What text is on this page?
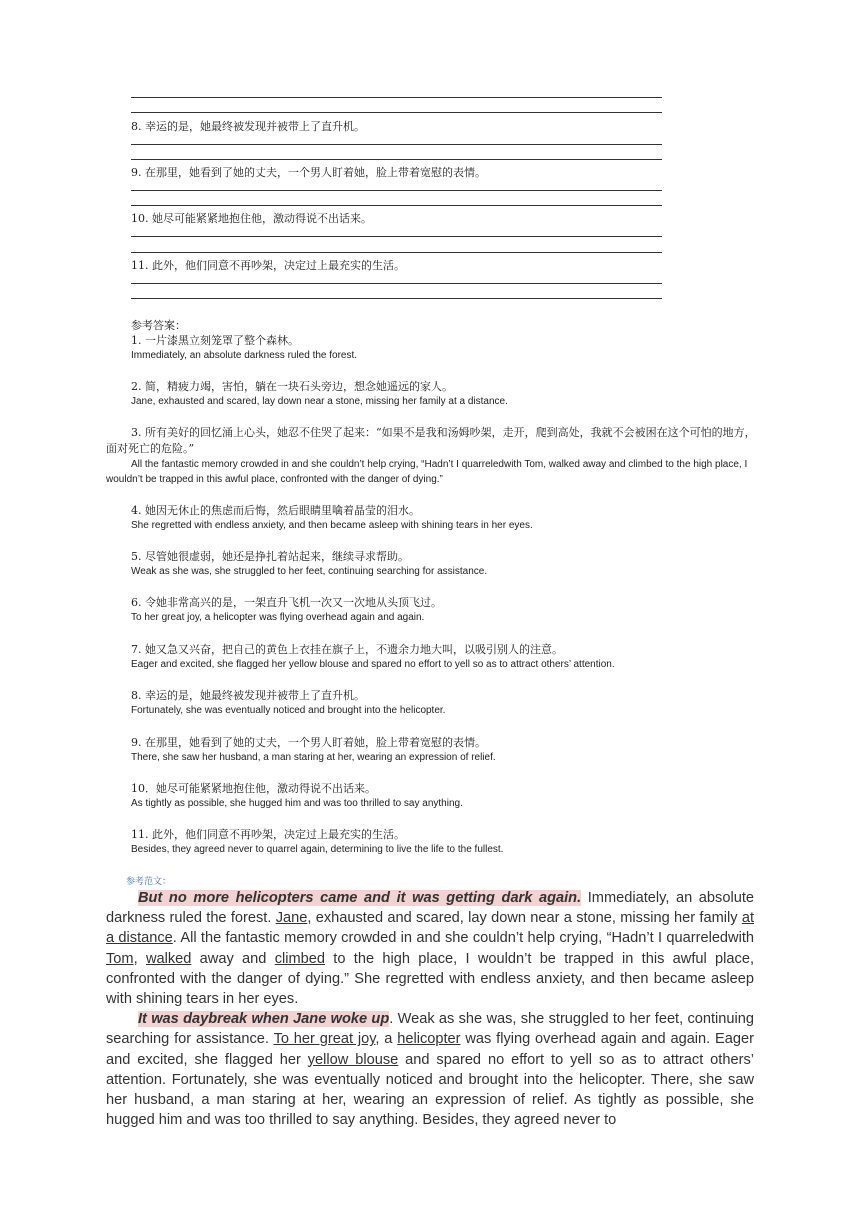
8. 幸运的是，她最终被发现并被带上了直升机。
9. 在那里，她看到了她的丈夫，一个男人盯着她，脸上带着宽慰的表情。
10. 她尽可能紧紧地抱住他，激动得说不出话来。
11. 此外，他们同意不再吵架，决定过上最充实的生活。
参考答案：
1. 一片漆黑立刻笼罩了整个森林。
Immediately, an absolute darkness ruled the forest.
2. 简，精疲力竭，害怕，躺在一块石头旁边，想念她遥远的家人。
Jane, exhausted and scared, lay down near a stone, missing her family at a distance.
3. 所有美好的回忆涌上心头，她忍不住哭了起来：“如果不是我和汤姆吵架，走开，爬到高处，我就不会被困在这个可怕的地方，面对死亡的危险。”
All the fantastic memory crowded in and she couldn’t help crying, “Hadn’t I quarreledwith Tom, walked away and climbed to the high place, I wouldn’t be trapped in this awful place, confronted with the danger of dying.”
4. 她因无休止的焦虑而后悔，然后眼睛里噙着晶莹的泪水。
She regretted with endless anxiety, and then became asleep with shining tears in her eyes.
5. 尽管她很虚弱，她还是挣扎着站起来，继续寻求帮助。
Weak as she was, she struggled to her feet, continuing searching for assistance.
6. 令她非常高兴的是，一架直升飞机一次又一次地从头顶飞过。
To her great joy, a helicopter was flying overhead again and again.
7. 她又急又兴奋，把自己的黄色上衣挂在旗子上，不遗余力地大叫，以吸引别人的注意。
Eager and excited, she flagged her yellow blouse and spared no effort to yell so as to attract others’ attention.
8. 幸运的是，她最终被发现并被带上了直升机。
Fortunately, she was eventually noticed and brought into the helicopter.
9. 在那里，她看到了她的丈夫，一个男人盯着她，脸上带着宽慰的表情。
There, she saw her husband, a man staring at her, wearing an expression of relief.
10．她尽可能紧紧地抱住他，激动得说不出话来。
As tightly as possible, she hugged him and was too thrilled to say anything.
11. 此外，他们同意不再吵架，决定过上最充实的生活。
Besides, they agreed never to quarrel again, determining to live the life to the fullest.
参考范文：

But no more helicopters came and it was getting dark again. Immediately, an absolute darkness ruled the forest. Jane, exhausted and scared, lay down near a stone, missing her family at a distance. All the fantastic memory crowded in and she couldn’t help crying, “Hadn’t I quarreledwith Tom, walked away and climbed to the high place, I wouldn’t be trapped in this awful place, confronted with the danger of dying.” She regretted with endless anxiety, and then became asleep with shining tears in her eyes.

It was daybreak when Jane woke up. Weak as she was, she struggled to her feet, continuing searching for assistance. To her great joy, a helicopter was flying overhead again and again. Eager and excited, she flagged her yellow blouse and spared no effort to yell so as to attract others’ attention. Fortunately, she was eventually noticed and brought into the helicopter. There, she saw her husband, a man staring at her, wearing an expression of relief. As tightly as possible, she hugged him and was too thrilled to say anything. Besides, they agreed never to
